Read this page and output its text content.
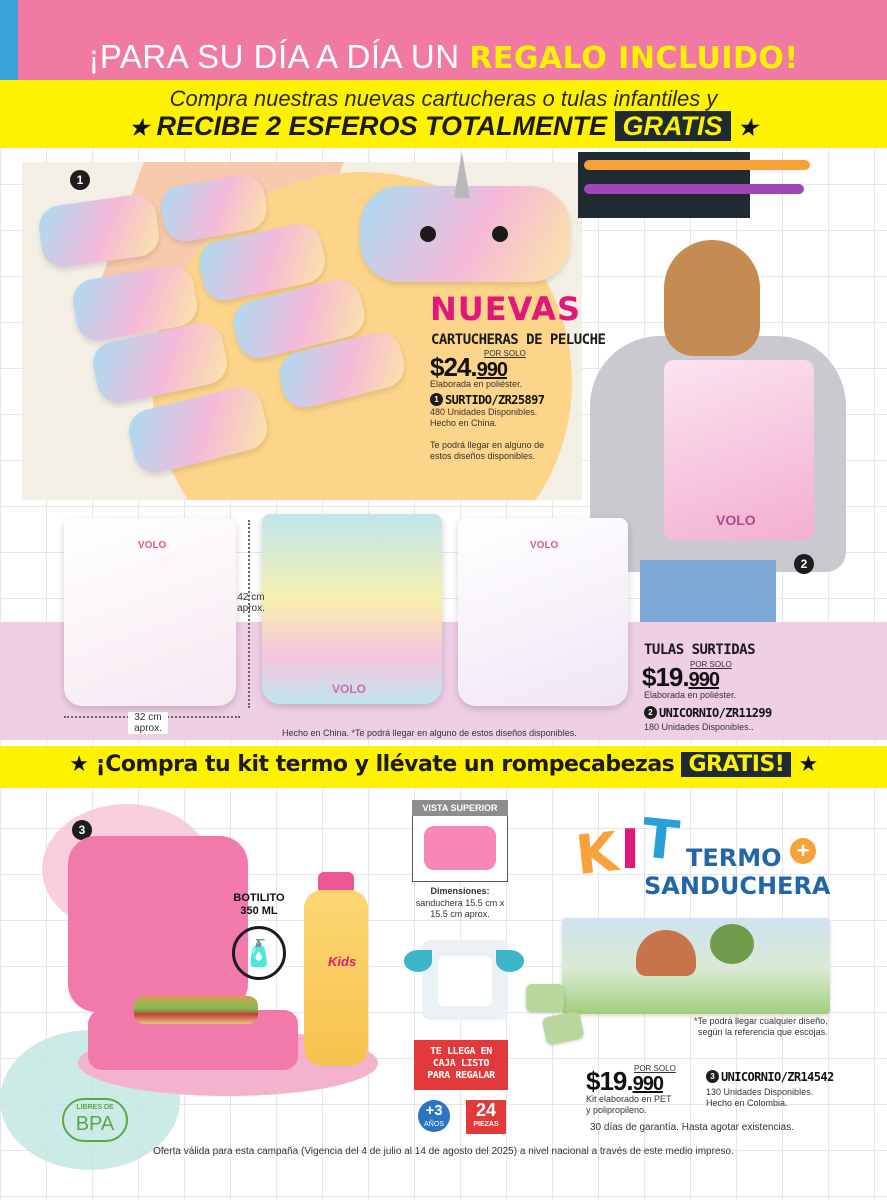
¡PARA SU DÍA A DÍA UN REGALO INCLUIDO!
Compra nuestras nuevas cartucheras o tulas infantiles y
★ RECIBE 2 ESFEROS TOTALMENTE GRATIS ★
1
NUEVAS
CARTUCHERAS DE PELUCHE
POR SOLO
$24.990
Elaborada en poliéster.
1 SURTIDO/ZR25897
480 Unidades Disponibles.
Hecho en China.
Te podrá llegar en alguno de
estos diseños disponibles.
VOLO
2
VOLO
VOLO
VOLO
42 cm
aprox.
32 cm
aprox.	Hecho en China. *Te podrá llegar en alguno de estos diseños disponibles.
TULAS SURTIDAS
POR SOLO
$19.990
Elaborada en poliéster.
2 UNICORNIO/ZR11299
180 Unidades Disponibles..
★ ¡Compra tu kit termo y llévate un rompecabezas GRATIS! ★
3
BOTILITO
350 ML
🧴	Kids
VISTA SUPERIOR
Dimensiones:
sanduchera 15.5 cm x
15.5 cm aprox.
K
I
T TERMO +
SANDUCHERA
*Te podrá llegar cualquier diseño,
según la referencia que escojas.
TE LLEGA EN
CAJA LISTO
PARA REGALAR
+3
AÑOS
24
PIEZAS
POR SOLO
$19.990
Kit elaborado en PET
y polipropileno.
3 UNICORNIO/ZR14542
130 Unidades Disponibles.
Hecho en Colombia.
30 días de garantía. Hasta agotar existencias.
LIBRES DE
BPA
Oferta válida para esta campaña (Vigencia del 4 de julio al 14 de agosto del 2025) a nivel nacional a través de este medio impreso.
